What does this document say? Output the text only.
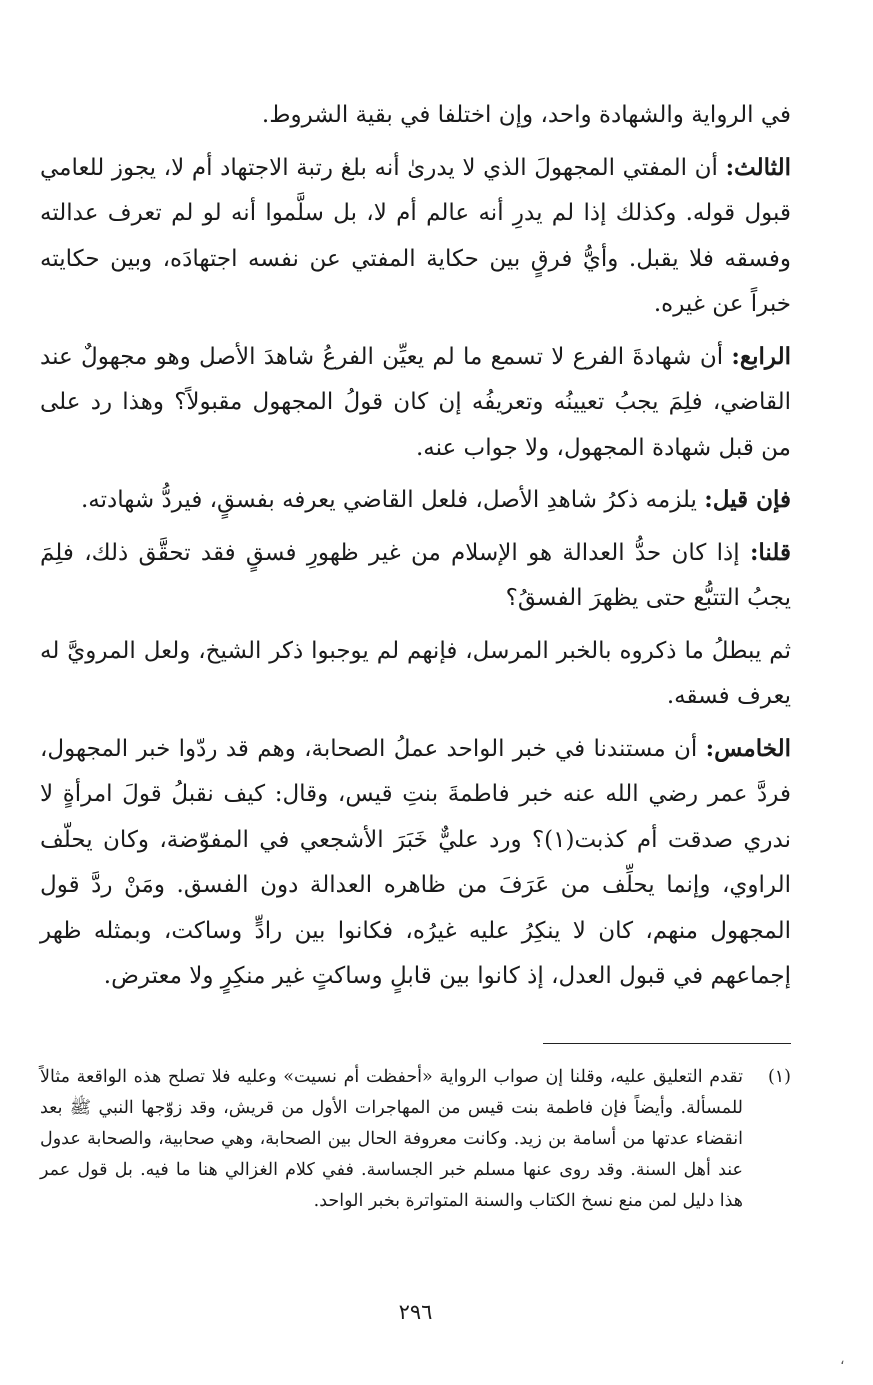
في الرواية والشهادة واحد، وإن اختلفا في بقية الشروط.

الثالث: أن المفتي المجهولَ الذي لا يدرىٰ أنه بلغ رتبة الاجتهاد أم لا، يجوز للعامي قبول قوله. وكذلك إذا لم يدرِ أنه عالم أم لا، بل سلَّموا أنه لو لم تعرف عدالته وفسقه فلا يقبل. وأيُّ فرقٍ بين حكاية المفتي عن نفسه اجتهادَه، وبين حكايته خبراً عن غيره.

الرابع: أن شهادةَ الفرع لا تسمع ما لم يعيِّن الفرعُ شاهدَ الأصل وهو مجهولٌ عند القاضي، فلِمَ يجبُ تعيينُه وتعريفُه إن كان قولُ المجهول مقبولاً؟ وهذا رد على من قبل شهادة المجهول، ولا جواب عنه.

فإن قيل: يلزمه ذكرُ شاهدِ الأصل، فلعل القاضي يعرفه بفسقٍ، فيردُّ شهادته.

قلنا: إذا كان حدُّ العدالة هو الإسلام من غير ظهورِ فسقٍ فقد تحقَّق ذلك، فلِمَ يجبُ التتبُّع حتى يظهرَ الفسقُ؟

ثم يبطلُ ما ذكروه بالخبر المرسل، فإنهم لم يوجبوا ذكر الشيخ، ولعل المرويَّ له يعرف فسقه.

الخامس: أن مستندنا في خبر الواحد عملُ الصحابة، وهم قد ردّوا خبر المجهول، فردَّ عمر رضي الله عنه خبر فاطمةَ بنتِ قيس، وقال: كيف نقبلُ قولَ امرأةٍ لا ندري صدقت أم كذبت(١)؟ ورد عليٌّ خَبَرَ الأشجعي في المفوّضة، وكان يحلّف الراوي، وإنما يحلِّف من عَرَفَ من ظاهره العدالة دون الفسق. ومَنْ ردَّ قول المجهول منهم، كان لا ينكِرُ عليه غيرُه، فكانوا بين رادٍّ وساكت، وبمثله ظهر إجماعهم في قبول العدل، إذ كانوا بين قابلٍ وساكتٍ غير منكِرٍ ولا معترض.

(١)

تقدم التعليق عليه، وقلنا إن صواب الرواية «أحفظت أم نسيت» وعليه فلا تصلح هذه الواقعة مثالاً للمسألة. وأيضاً فإن فاطمة بنت قيس من المهاجرات الأول من قريش، وقد زوّجها النبي ﷺ بعد انقضاء عدتها من أسامة بن زيد. وكانت معروفة الحال بين الصحابة، وهي صحابية، والصحابة عدول عند أهل السنة. وقد روى عنها مسلم خبر الجساسة. ففي كلام الغزالي هنا ما فيه. بل قول عمر هذا دليل لمن منع نسخ الكتاب والسنة المتواترة بخبر الواحد.

٢٩٦
،
